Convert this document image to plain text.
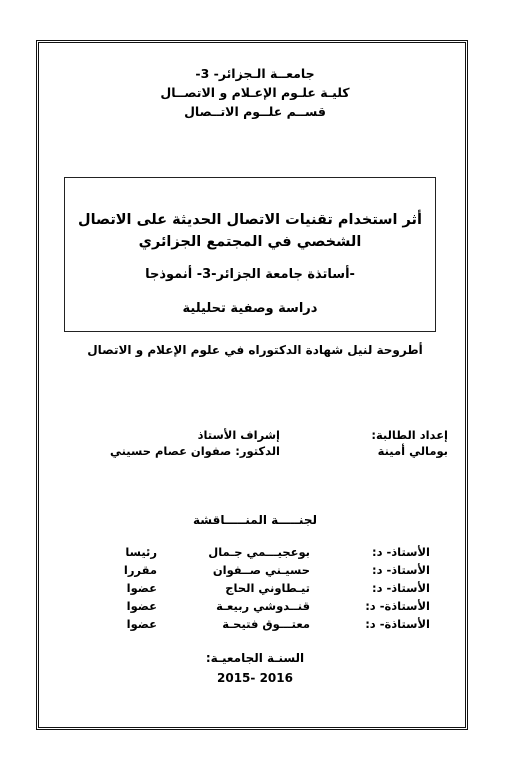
جامعــة الـجزائر- 3-
كليـة علـوم الإعـلام و الاتصــال
قســم علــوم الاتــصال
أثر استخدام تقنيات الاتصال الحديثة على الاتصال الشخصي في المجتمع الجزائري
-أساتذة جامعة الجزائر-3- أنموذجا
دراسة وصفية تحليلية
أطروحة لنيل شهادة الدكتوراه في علوم الإعلام و الاتصال
إعداد الطالبة:
بومالي أمينة
إشراف الأستاذ
الدكتور: صفوان عصام حسيني
لجنـــــة المنـــــاقشة
الأستاذ- د:
بوعجيـــمي جـمال
رئيسا
الأستاذ- د:
حسيـني صــفوان
مقررا
الأستاذ- د:
تيـطاوني الحاج
عضوا
الأستاذة- د:
قنــدوشي ربيعـة
عضوا
الأستاذة- د:
معتـــوق فتيحـة
عضوا
السنـة الجامعيـة:
2016 -2015
